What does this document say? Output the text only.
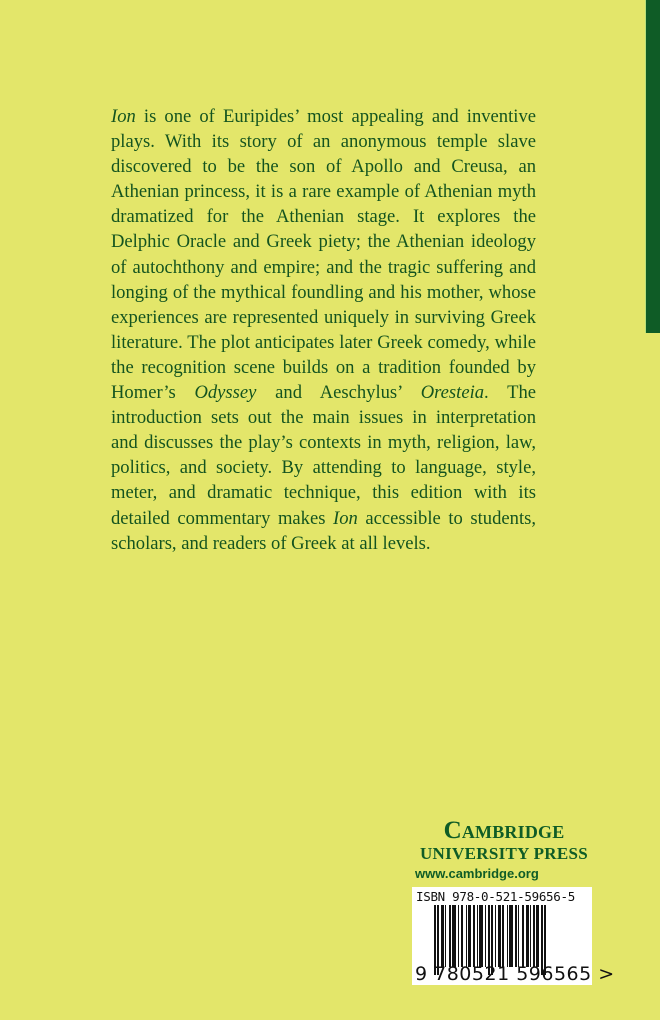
Ion is one of Euripides’ most appealing and inventive plays. With its story of an anonymous temple slave discovered to be the son of Apollo and Creusa, an Athenian princess, it is a rare example of Athenian myth dramatized for the Athenian stage. It explores the Delphic Oracle and Greek piety; the Athenian ideology of autochthony and empire; and the tragic suffering and longing of the mythical foundling and his mother, whose experiences are represented uniquely in surviving Greek literature. The plot anticipates later Greek comedy, while the recognition scene builds on a tradition founded by Homer’s Odyssey and Aeschylus’ Oresteia. The introduction sets out the main issues in interpretation and discusses the play’s contexts in myth, religion, law, politics, and society. By attending to language, style, meter, and dramatic technique, this edition with its detailed commentary makes Ion accessible to students, scholars, and readers of Greek at all levels.

Cambridge
UNIVERSITY PRESS
www.cambridge.org
ISBN 978-0-521-59656-5
9 780521 596565 >
